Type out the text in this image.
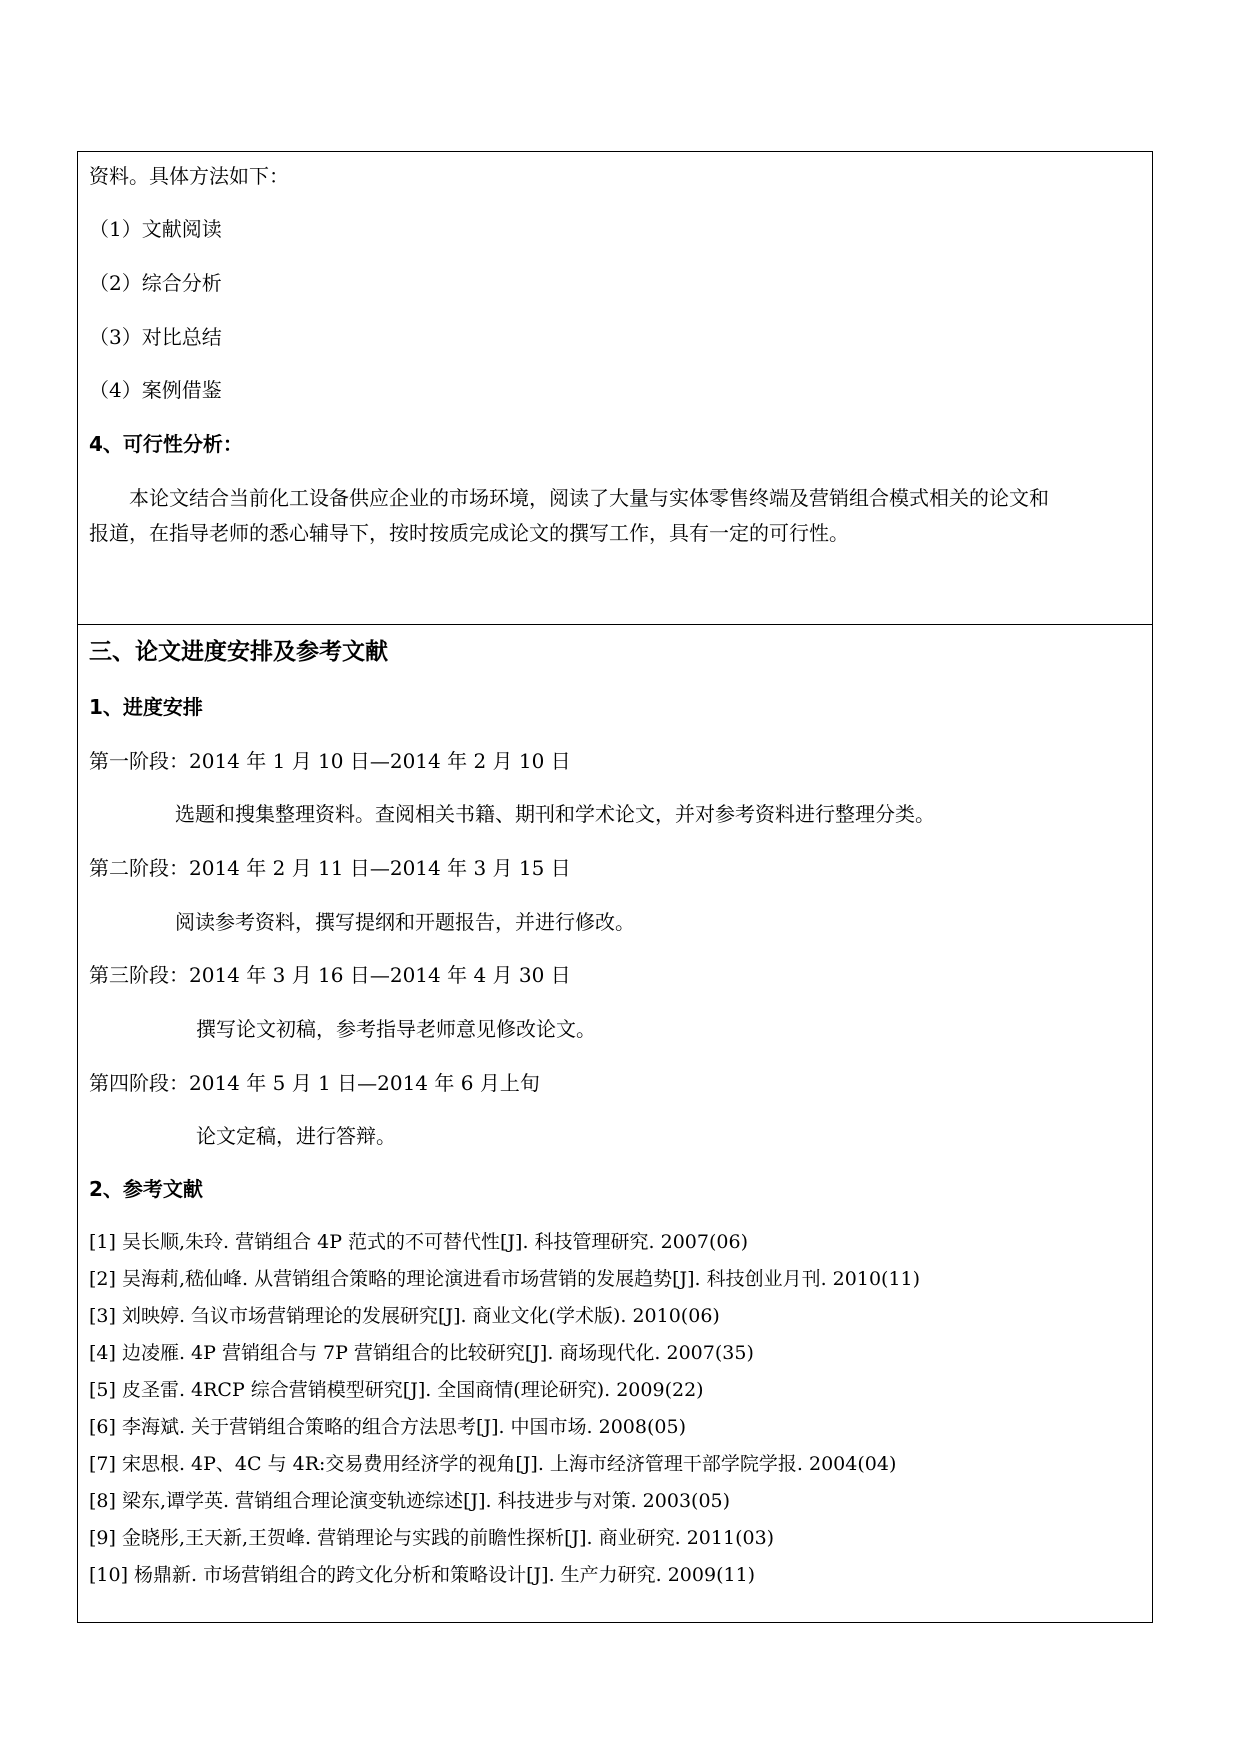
资料。具体方法如下：
（1）文献阅读
（2）综合分析
（3）对比总结
（4）案例借鉴
4、可行性分析：
本论文结合当前化工设备供应企业的市场环境，阅读了大量与实体零售终端及营销组合模式相关的论文和
报道，在指导老师的悉心辅导下，按时按质完成论文的撰写工作，具有一定的可行性。
三、论文进度安排及参考文献
1、进度安排
第一阶段：2014 年 1 月 10 日—2014 年 2 月 10 日
选题和搜集整理资料。查阅相关书籍、期刊和学术论文，并对参考资料进行整理分类。
第二阶段：2014 年 2 月 11 日—2014 年 3 月 15 日
阅读参考资料，撰写提纲和开题报告，并进行修改。
第三阶段：2014 年 3 月 16 日—2014 年 4 月 30 日
撰写论文初稿，参考指导老师意见修改论文。
第四阶段：2014 年 5 月 1 日—2014 年 6 月上旬
论文定稿，进行答辩。
2、参考文献
[1] 吴长顺,朱玲. 营销组合 4P 范式的不可替代性[J]. 科技管理研究. 2007(06)
[2] 吴海莉,嵇仙峰. 从营销组合策略的理论演进看市场营销的发展趋势[J]. 科技创业月刊. 2010(11)
[3] 刘映婷. 刍议市场营销理论的发展研究[J]. 商业文化(学术版). 2010(06)
[4] 边凌雁. 4P 营销组合与 7P 营销组合的比较研究[J]. 商场现代化. 2007(35)
[5] 皮圣雷. 4RCP 综合营销模型研究[J]. 全国商情(理论研究). 2009(22)
[6] 李海斌. 关于营销组合策略的组合方法思考[J]. 中国市场. 2008(05)
[7] 宋思根. 4P、4C 与 4R:交易费用经济学的视角[J]. 上海市经济管理干部学院学报. 2004(04)
[8] 梁东,谭学英. 营销组合理论演变轨迹综述[J]. 科技进步与对策. 2003(05)
[9] 金晓彤,王天新,王贺峰. 营销理论与实践的前瞻性探析[J]. 商业研究. 2011(03)
[10] 杨鼎新. 市场营销组合的跨文化分析和策略设计[J]. 生产力研究. 2009(11)
